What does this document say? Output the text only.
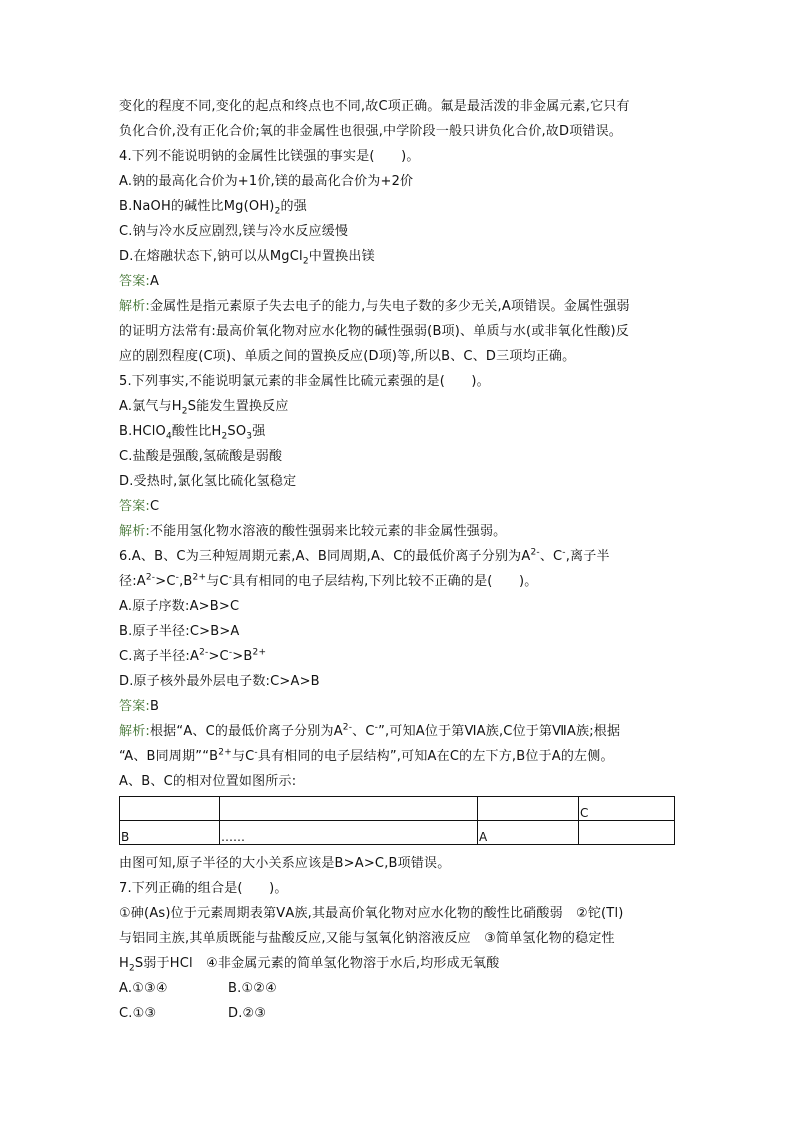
变化的程度不同,变化的起点和终点也不同,故C项正确。氟是最活泼的非金属元素,它只有
负化合价,没有正化合价;氧的非金属性也很强,中学阶段一般只讲负化合价,故D项错误。
4.下列不能说明钠的金属性比镁强的事实是(　　)。
A.钠的最高化合价为+1价,镁的最高化合价为+2价
B.NaOH的碱性比$Mg(OH)_2$的强
C.钠与冷水反应剧烈,镁与冷水反应缓慢
D.在熔融状态下,钠可以从MgCl$_2$中置换出镁
答案:A
解析:金属性是指元素原子失去电子的能力,与失电子数的多少无关,A项错误。金属性强弱
的证明方法常有:最高价氧化物对应水化物的碱性强弱(B项)、单质与水(或非氧化性酸)反
应的剧烈程度(C项)、单质之间的置换反应(D项)等,所以B、C、D三项均正确。
5.下列事实,不能说明氯元素的非金属性比硫元素强的是(　　)。
A.氯气与$H_2S$能发生置换反应
B.HClO$_4$酸性比$H_2SO_3$强
C.盐酸是强酸,氢硫酸是弱酸
D.受热时,氯化氢比硫化氢稳定
答案:C
解析:不能用氢化物水溶液的酸性强弱来比较元素的非金属性强弱。
6.A、B、C为三种短周期元素,A、B同周期,A、C的最低价离子分别为$A^{2-}$、C-,离子半
径$:A^{2-}>C^-,B^{2+}$与C-具有相同的电子层结构,下列比较不正确的是(　　)。
A.原子序数:A>B>C
B.原子半径:C>B>A
C.离子半径$:A^{2-}>C^->B^{2+}$
D.原子核外最外层电子数:C>A>B
答案:B
解析:根据“A、C的最低价离子分别为$A^{2-}$、C-”,可知A位于第ⅥA族,C位于第ⅦA族;根据
“A、B同周期$”“B^{2+}$与C-具有相同的电子层结构”,可知A在C的左下方,B位于A的左侧。
A、B、C的相对位置如图所示:
			C
B	……	A	
由图可知,原子半径的大小关系应该是B>A>C,B项错误。
7.下列正确的组合是(　　)。
①砷(As)位于元素周期表第ⅤA族,其最高价氧化物对应水化物的酸性比硝酸弱　②铊(Tl)
与铝同主族,其单质既能与盐酸反应,又能与氢氧化钠溶液反应　③简单氢化物的稳定性
$H_2S$弱于HCl　④非金属元素的简单氢化物溶于水后,均形成无氧酸
A.①③④	B.①②④
C.①③	D.②③
